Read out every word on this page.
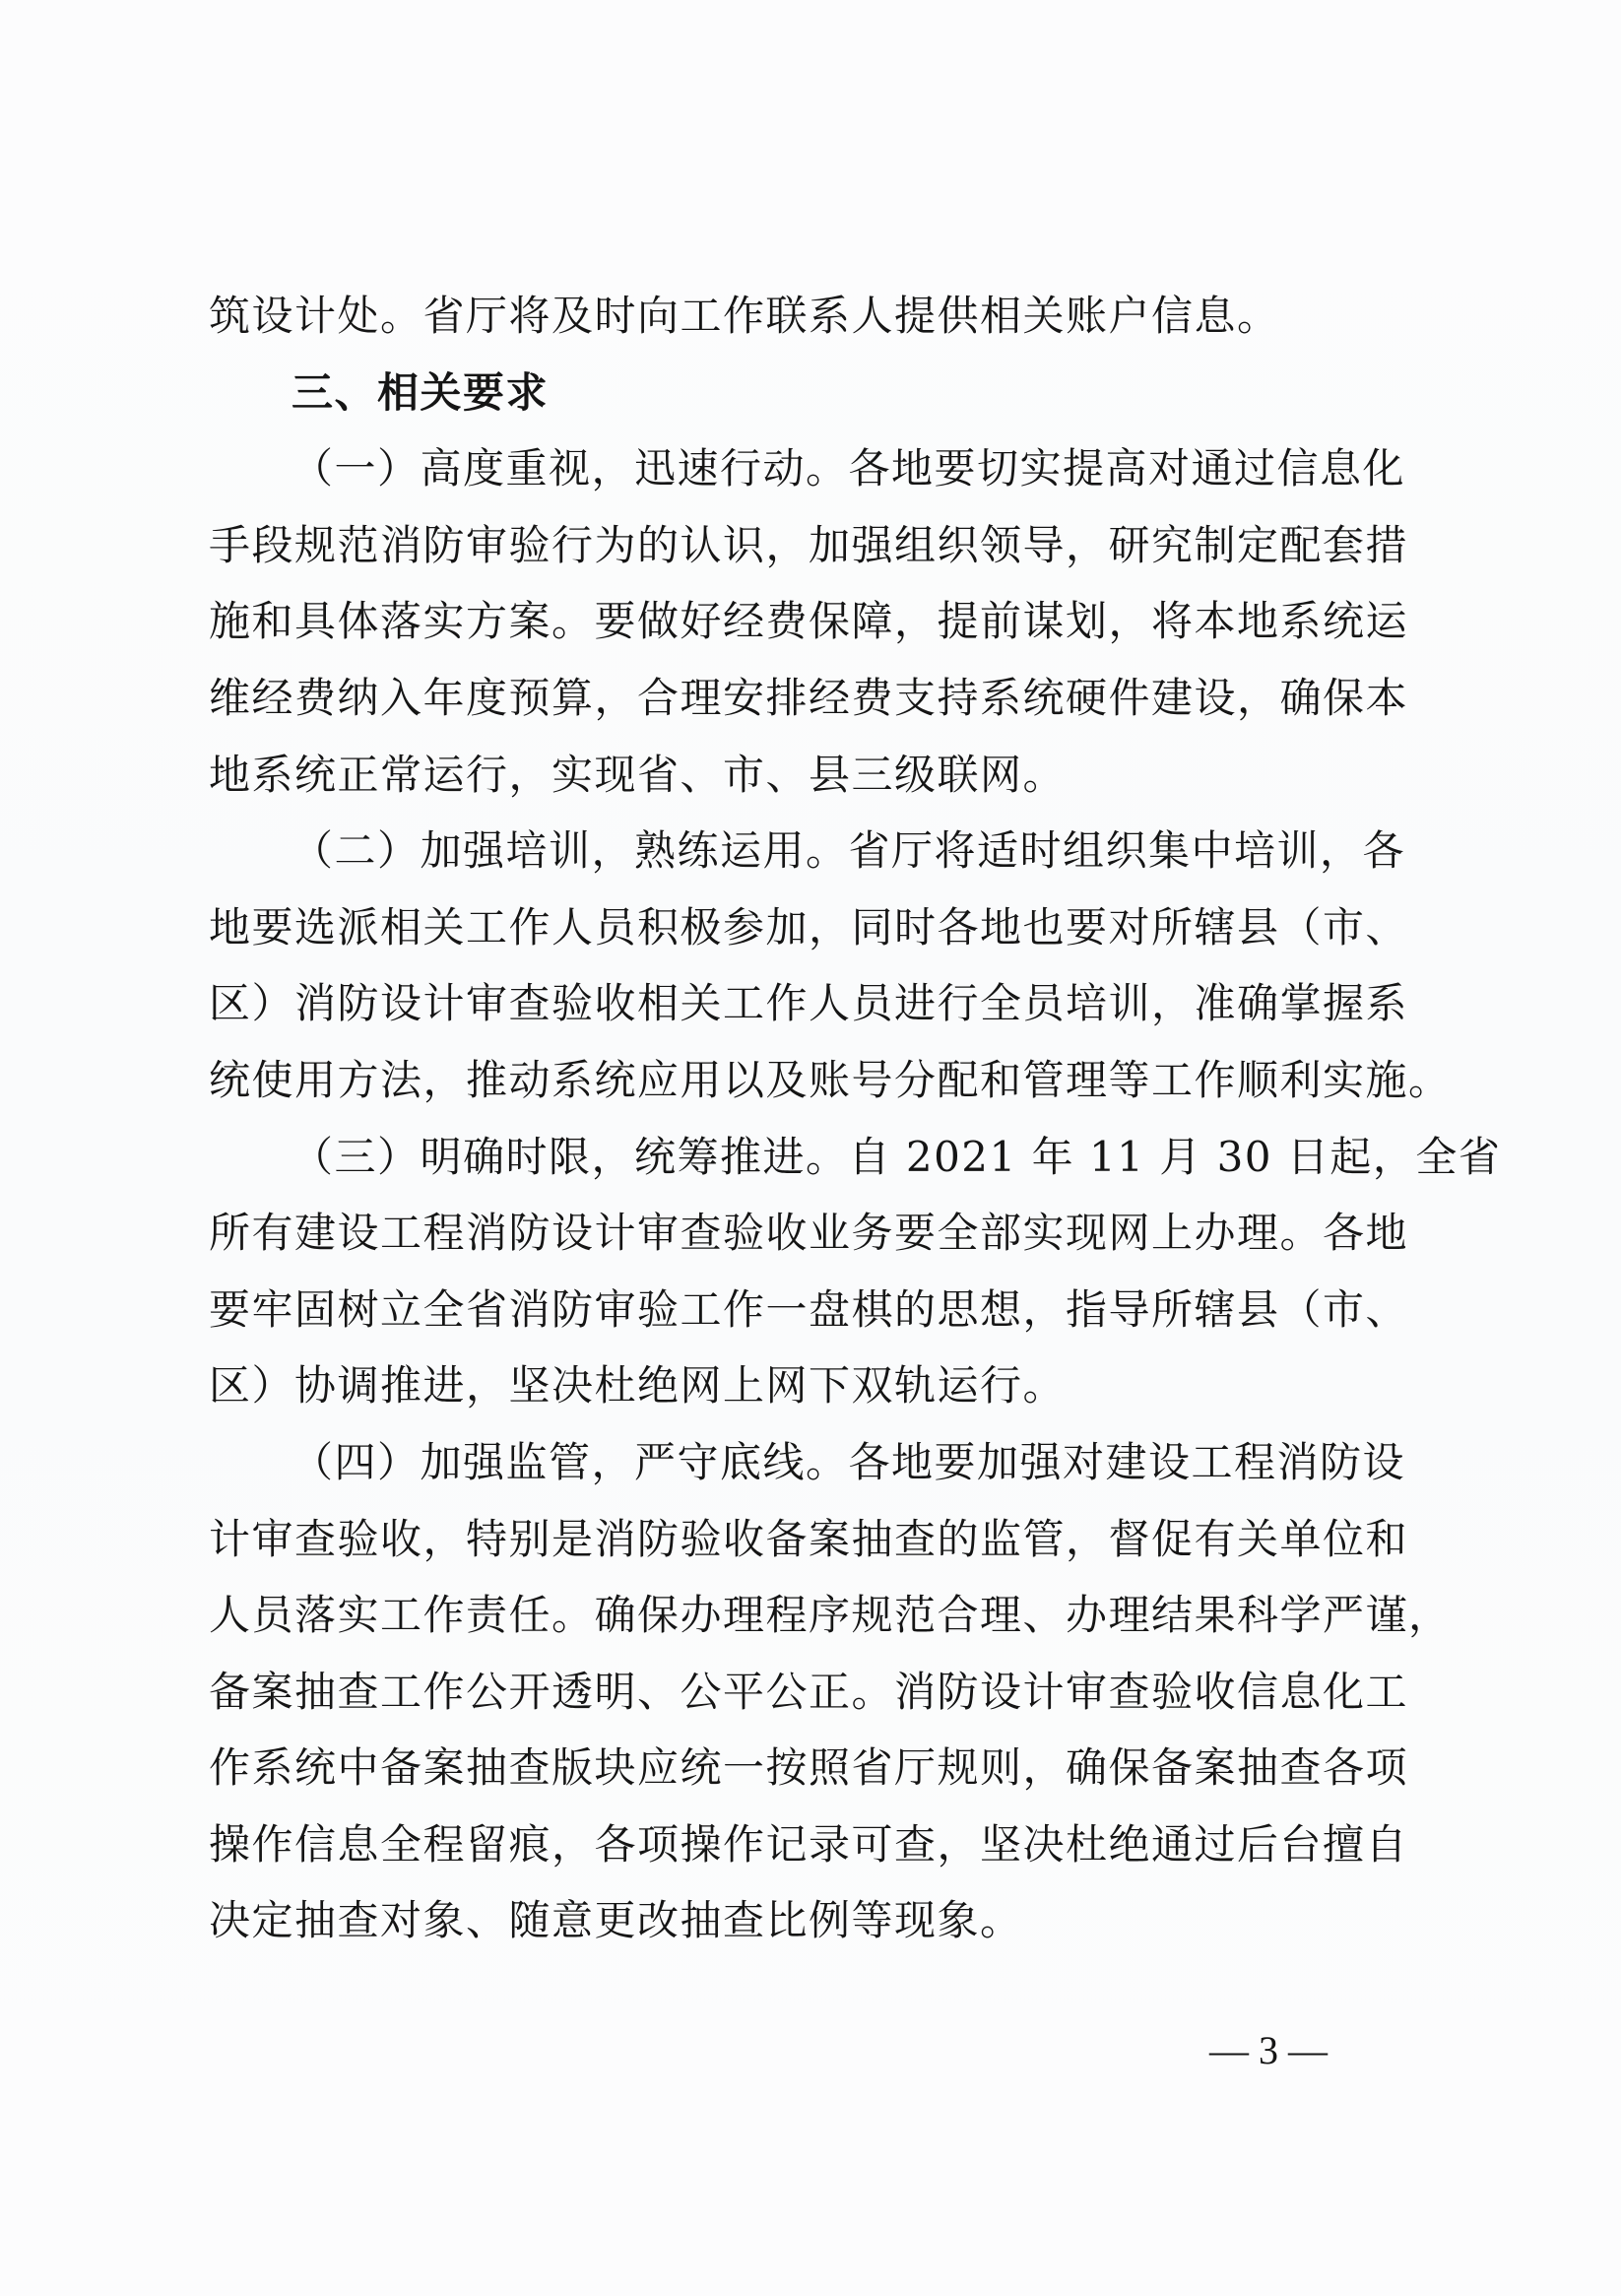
筑设计处。省厅将及时向工作联系人提供相关账户信息。
三、相关要求
（一）高度重视，迅速行动。各地要切实提高对通过信息化
手段规范消防审验行为的认识，加强组织领导，研究制定配套措
施和具体落实方案。要做好经费保障，提前谋划，将本地系统运
维经费纳入年度预算，合理安排经费支持系统硬件建设，确保本
地系统正常运行，实现省、市、县三级联网。
（二）加强培训，熟练运用。省厅将适时组织集中培训，各
地要选派相关工作人员积极参加，同时各地也要对所辖县（市、
区）消防设计审查验收相关工作人员进行全员培训，准确掌握系
统使用方法，推动系统应用以及账号分配和管理等工作顺利实施。
（三）明确时限，统筹推进。自 2021 年 11 月 30 日起，全省
所有建设工程消防设计审查验收业务要全部实现网上办理。各地
要牢固树立全省消防审验工作一盘棋的思想，指导所辖县（市、
区）协调推进，坚决杜绝网上网下双轨运行。
（四）加强监管，严守底线。各地要加强对建设工程消防设
计审查验收，特别是消防验收备案抽查的监管，督促有关单位和
人员落实工作责任。确保办理程序规范合理、办理结果科学严谨，
备案抽查工作公开透明、公平公正。消防设计审查验收信息化工
作系统中备案抽查版块应统一按照省厅规则，确保备案抽查各项
操作信息全程留痕，各项操作记录可查，坚决杜绝通过后台擅自
决定抽查对象、随意更改抽查比例等现象。
— 3 —
